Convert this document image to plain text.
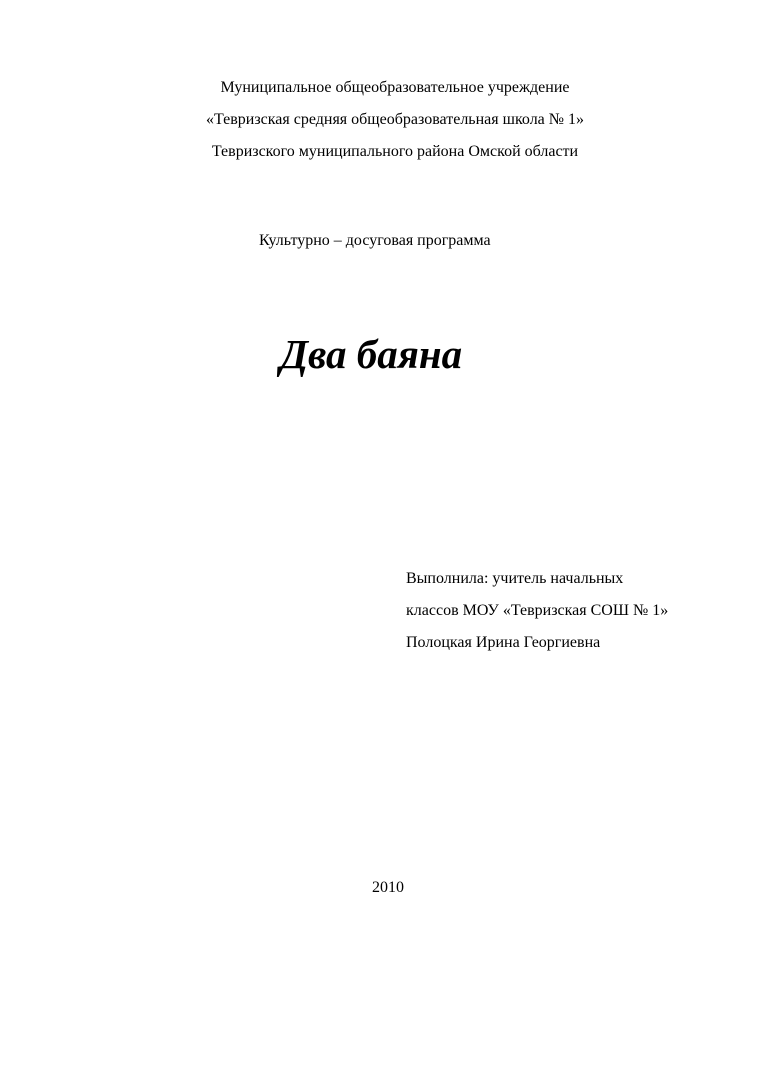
Муниципальное общеобразовательное учреждение
«Тевризская средняя общеобразовательная школа № 1»
Тевризского муниципального района Омской области
Культурно – досуговая программа
Два баяна
Выполнила: учитель начальных
классов МОУ «Тевризская СОШ № 1»
Полоцкая Ирина Георгиевна
2010
